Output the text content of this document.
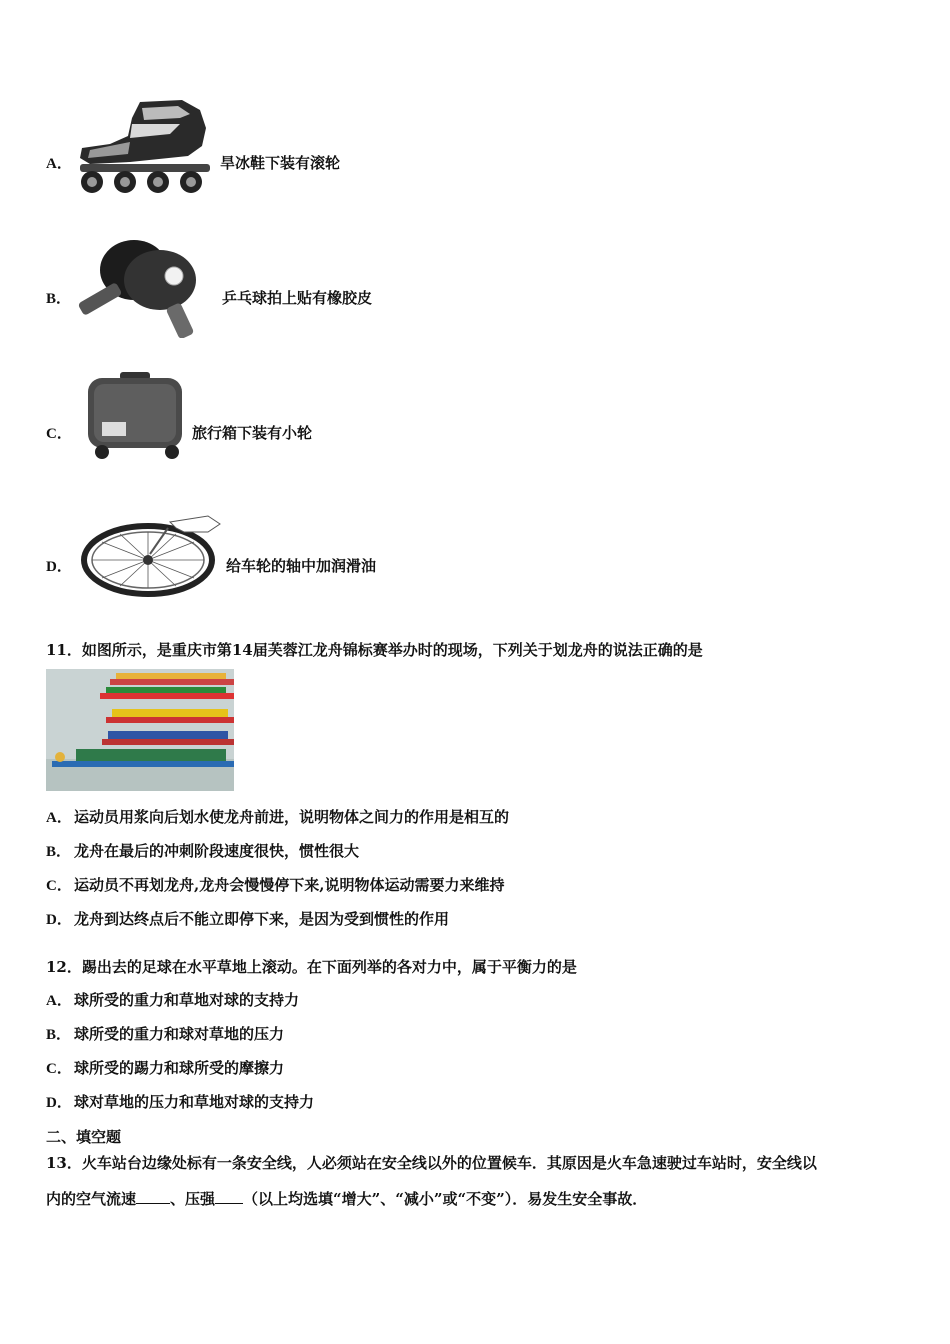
A．	旱冰鞋下装有滚轮
B．	乒乓球拍上贴有橡胶皮
C．	旅行箱下装有小轮
D．	给车轮的轴中加润滑油
11．如图所示，是重庆市第14届芙蓉江龙舟锦标赛举办时的现场，下列关于划龙舟的说法正确的是
A． 运动员用浆向后划水使龙舟前进，说明物体之间力的作用是相互的
B． 龙舟在最后的冲刺阶段速度很快，惯性很大
C． 运动员不再划龙舟,龙舟会慢慢停下来,说明物体运动需要力来维持
D． 龙舟到达终点后不能立即停下来，是因为受到惯性的作用
12．踢出去的足球在水平草地上滚动。在下面列举的各对力中，属于平衡力的是
A． 球所受的重力和草地对球的支持力
B． 球所受的重力和球对草地的压力
C． 球所受的踢力和球所受的摩擦力
D． 球对草地的压力和草地对球的支持力
二、填空题
13．火车站台边缘处标有一条安全线，人必须站在安全线以外的位置候车．其原因是火车急速驶过车站时，安全线以
内的空气流速 、压强 （以上均选填“增大”、“减小”或“不变”）．易发生安全事故．
